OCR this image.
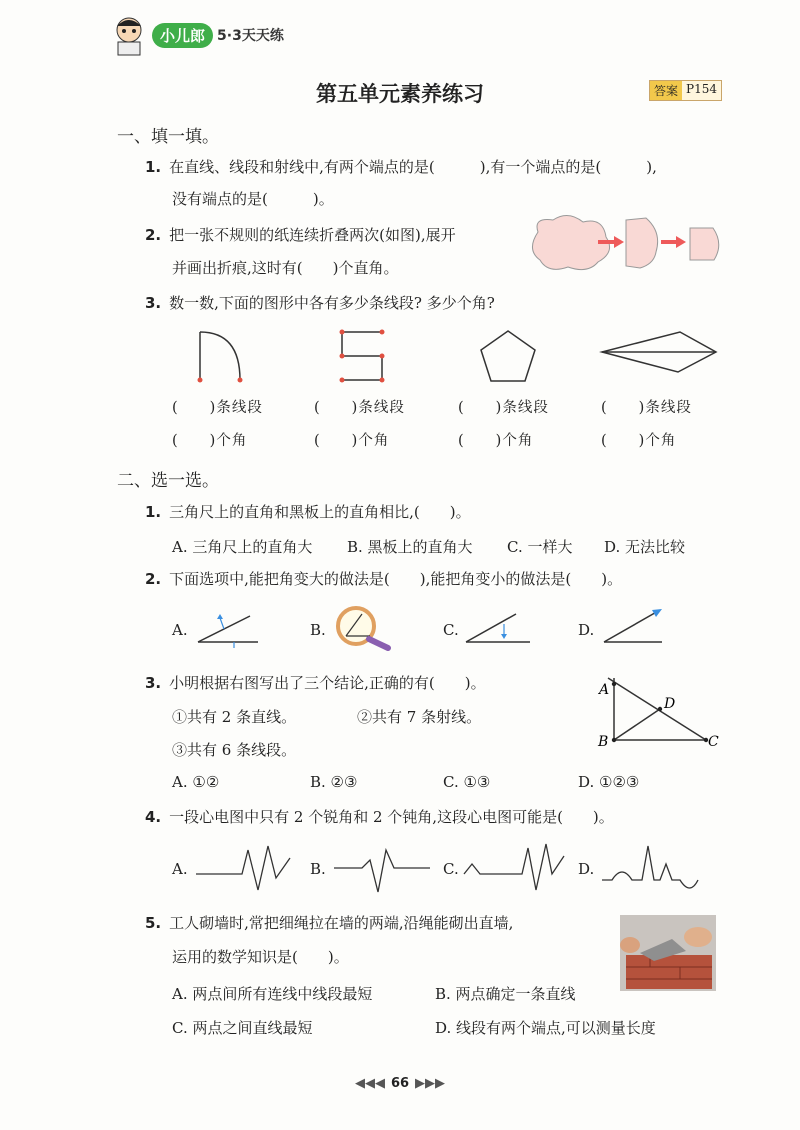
小儿郎 5·3天天练
第五单元素养练习	答案 P154
一、填一填。
1. 在直线、线段和射线中,有两个端点的是(　　　),有一个端点的是(　　　),
没有端点的是(　　　)。
2. 把一张不规则的纸连续折叠两次(如图),展开
并画出折痕,这时有(　　)个直角。
3. 数一数,下面的图形中各有多少条线段? 多少个角?
(　　)条线段	(　　)条线段	(　　)条线段	(　　)条线段
(　　)个角	(　　)个角	(　　)个角	(　　)个角
二、选一选。
1. 三角尺上的直角和黑板上的直角相比,(　　)。
A. 三角尺上的直角大 B. 黑板上的直角大 C. 一样大 D. 无法比较
2. 下面选项中,能把角变大的做法是(　　),能把角变小的做法是(　　)。
A.	B.	C.	D.
3. 小明根据右图写出了三个结论,正确的有(　　)。
①共有 2 条直线。	②共有 7 条射线。
③共有 6 条线段。
A. ①②	B. ②③	C. ①③	D. ①②③
A
B	C
D
4. 一段心电图中只有 2 个锐角和 2 个钝角,这段心电图可能是(　　)。
A.	B.	C.	D.
5. 工人砌墙时,常把细绳拉在墙的两端,沿绳能砌出直墙,
运用的数学知识是(　　)。
A. 两点间所有连线中线段最短	B. 两点确定一条直线
C. 两点之间直线最短	D. 线段有两个端点,可以测量长度
◀◀◀ 66 ▶▶▶
